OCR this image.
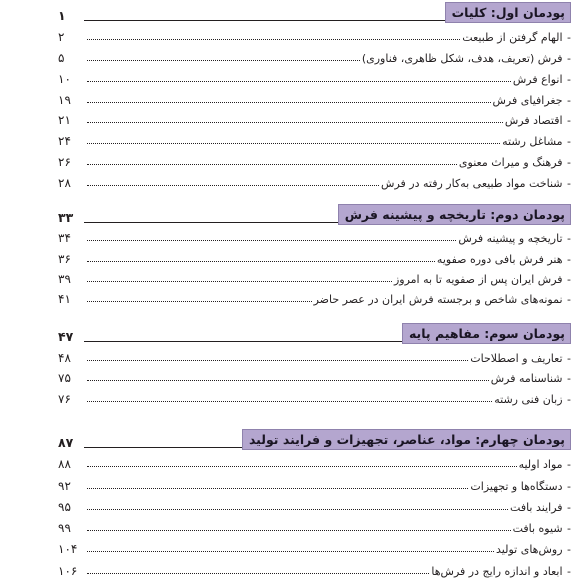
پودمان اول: کلیات
۱
- الهام گرفتن از طبیعت
۲
- فرش (تعریف، هدف، شکل ظاهری، فناوری)
۵
- انواع فرش
۱۰
- جغرافیای فرش
۱۹
- اقتصاد فرش
۲۱
- مشاغل رشته
۲۴
- فرهنگ و میراث معنوی
۲۶
- شناخت مواد طبیعی به‌کار رفته در فرش
۲۸
پودمان دوم: تاریخچه و پیشینه فرش
۳۳
- تاریخچه و پیشینه فرش
۳۴
- هنر فرش بافی دوره صفویه
۳۶
- فرش ایران پس از صفویه تا به امروز
۳۹
- نمونه‌های شاخص و برجسته فرش ایران در عصر حاضر
۴۱
پودمان سوم: مفاهیم پایه
۴۷
- تعاریف و اصطلاحات
۴۸
- شناسنامه فرش
۷۵
- زبان فنی رشته
۷۶
پودمان چهارم: مواد، عناصر، تجهیزات و فرایند تولید
۸۷
- مواد اولیه
۸۸
- دستگاه‌ها و تجهیزات
۹۲
- فرایند بافت
۹۵
- شیوه بافت
۹۹
- روش‌های تولید
۱۰۴
- ابعاد و اندازه رایج در فرش‌ها
۱۰۶
